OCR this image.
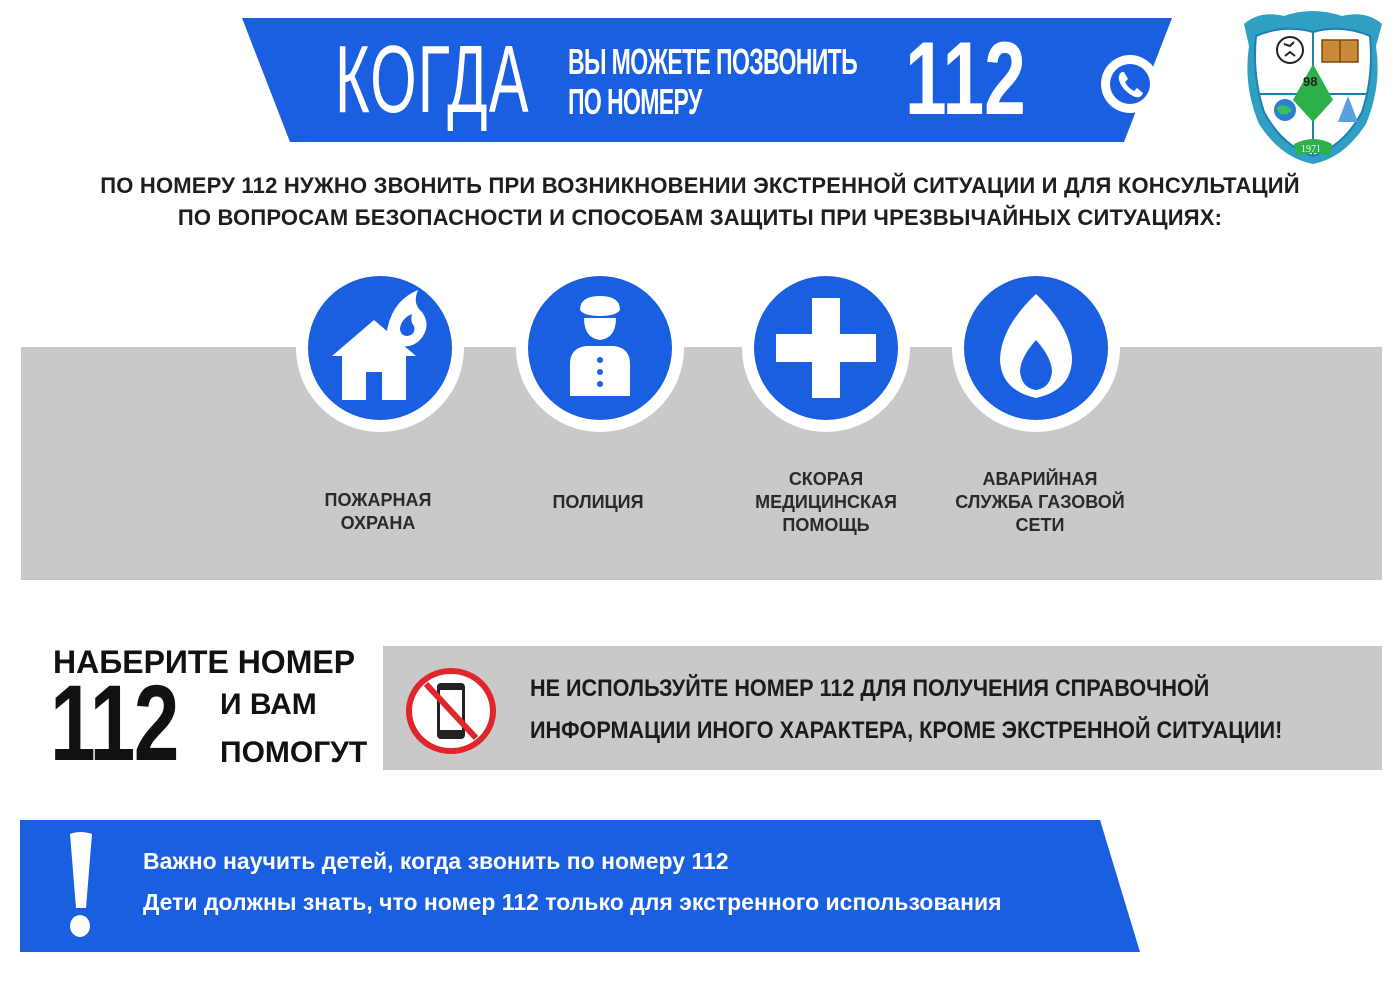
КОГДА ВЫ МОЖЕТЕ ПОЗВОНИТЬ
ПО НОМЕРУ 112	98
1971
ПО НОМЕРУ 112 НУЖНО ЗВОНИТЬ ПРИ ВОЗНИКНОВЕНИИ ЭКСТРЕННОЙ СИТУАЦИИ И ДЛЯ КОНСУЛЬТАЦИЙ
ПО ВОПРОСАМ БЕЗОПАСНОСТИ И СПОСОБАМ ЗАЩИТЫ ПРИ ЧРЕЗВЫЧАЙНЫХ СИТУАЦИЯХ:
ПОЖАРНАЯ
ОХРАНА
ПОЛИЦИЯ
СКОРАЯ
МЕДИЦИНСКАЯ
ПОМОЩЬ
АВАРИЙНАЯ
СЛУЖБА ГАЗОВОЙ
СЕТИ
НАБЕРИТЕ НОМЕР
112 И ВАМ
ПОМОГУТ
НЕ ИСПОЛЬЗУЙТЕ НОМЕР 112 ДЛЯ ПОЛУЧЕНИЯ СПРАВОЧНОЙ
ИНФОРМАЦИИ ИНОГО ХАРАКТЕРА, КРОМЕ ЭКСТРЕННОЙ СИТУАЦИИ!
Важно научить детей, когда звонить по номеру 112
Дети должны знать, что номер 112 только для экстренного использования
